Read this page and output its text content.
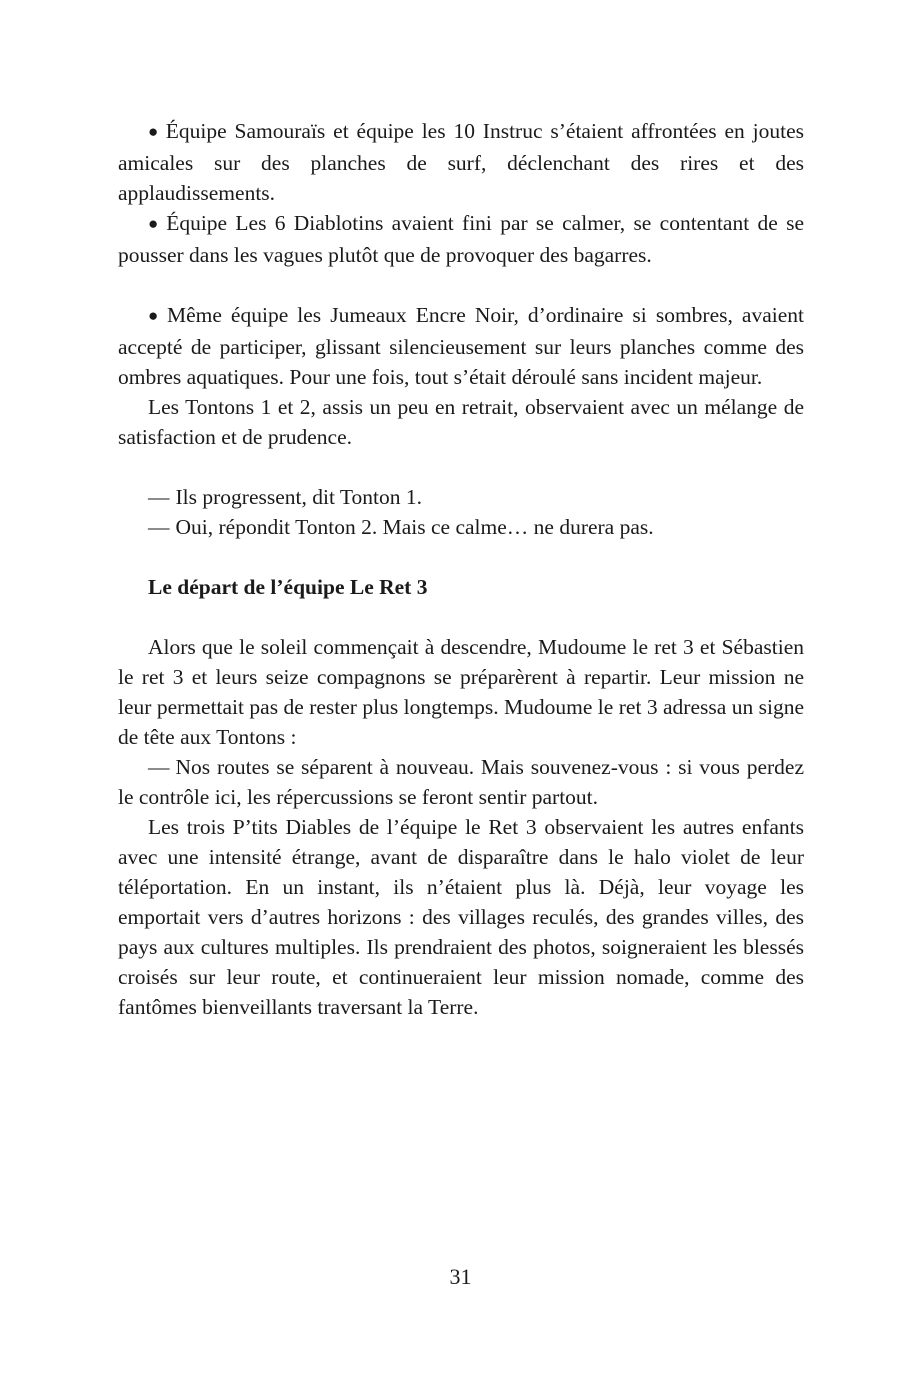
● Équipe Samouraïs et équipe les 10 Instruc s’étaient affrontées en joutes amicales sur des planches de surf, déclenchant des rires et des applaudissements.

● Équipe Les 6 Diablotins avaient fini par se calmer, se contentant de se pousser dans les vagues plutôt que de provoquer des bagarres.

● Même équipe les Jumeaux Encre Noir, d’ordinaire si sombres, avaient accepté de participer, glissant silencieusement sur leurs planches comme des ombres aquatiques. Pour une fois, tout s’était déroulé sans incident majeur.

Les Tontons 1 et 2, assis un peu en retrait, observaient avec un mélange de satisfaction et de prudence.

— Ils progressent, dit Tonton 1.

— Oui, répondit Tonton 2. Mais ce calme… ne durera pas.

Le départ de l’équipe Le Ret 3

Alors que le soleil commençait à descendre, Mudoume le ret 3 et Sébastien le ret 3 et leurs seize compagnons se préparèrent à repartir. Leur mission ne leur permettait pas de rester plus longtemps. Mudoume le ret 3 adressa un signe de tête aux Tontons :

— Nos routes se séparent à nouveau. Mais souvenez-vous : si vous perdez le contrôle ici, les répercussions se feront sentir partout.

Les trois P’tits Diables de l’équipe le Ret 3 observaient les autres enfants avec une intensité étrange, avant de disparaître dans le halo violet de leur téléportation. En un instant, ils n’étaient plus là. Déjà, leur voyage les emportait vers d’autres horizons : des villages reculés, des grandes villes, des pays aux cultures multiples. Ils prendraient des photos, soigneraient les blessés croisés sur leur route, et continueraient leur mission nomade, comme des fantômes bienveillants traversant la Terre.

31
